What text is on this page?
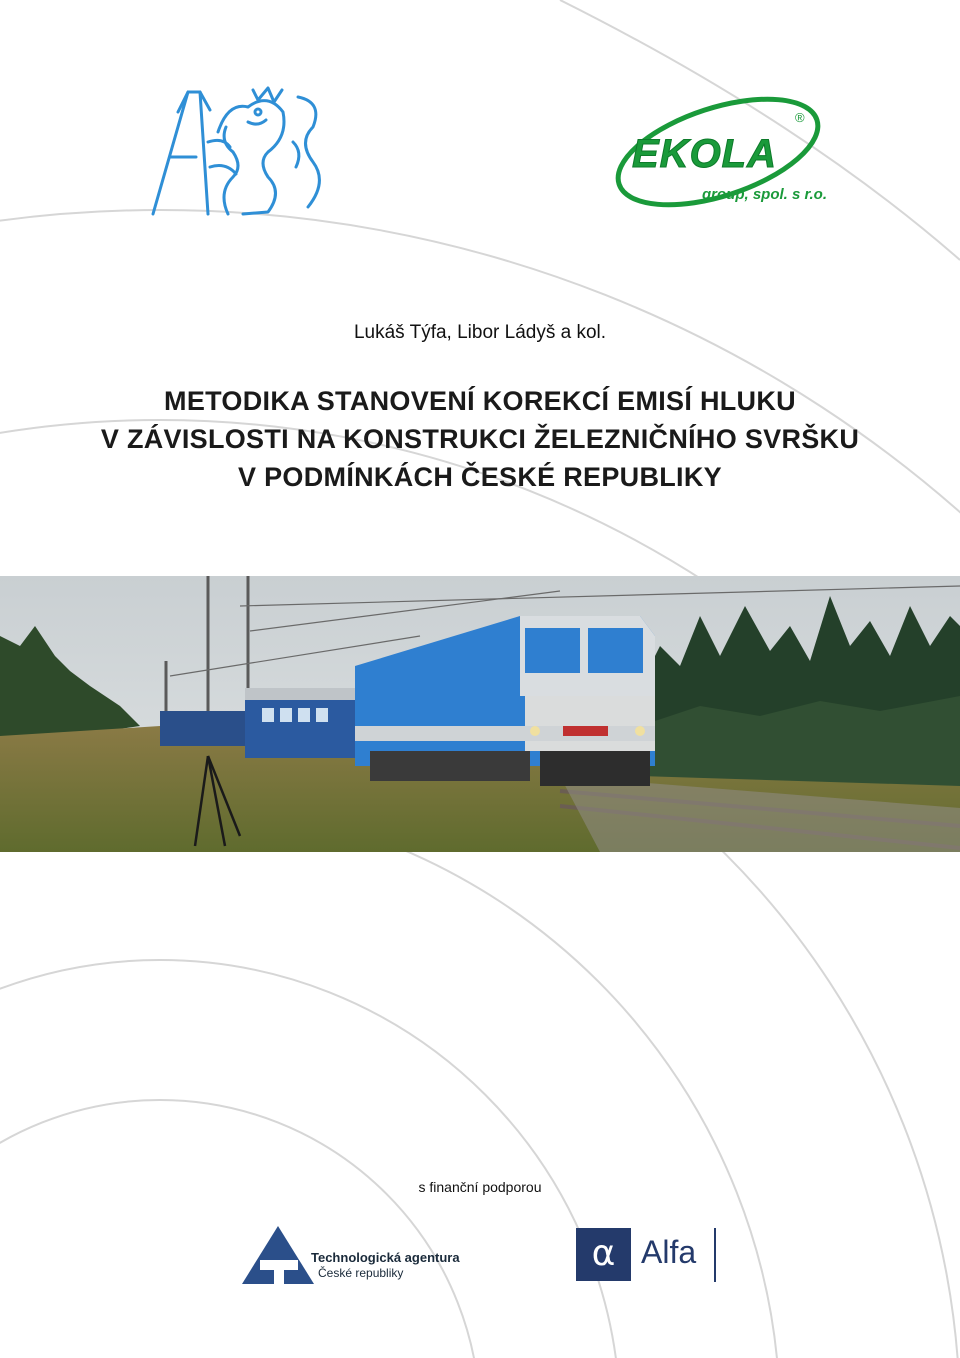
EKOLA
group, spol. s r.o.
®
Lukáš Týfa, Libor Ládyš a kol.
METODIKA STANOVENÍ KOREKCÍ EMISÍ HLUKU
V ZÁVISLOSTI NA KONSTRUKCI ŽELEZNIČNÍHO SVRŠKU
V PODMÍNKÁCH ČESKÉ REPUBLIKY
s finanční podporou
Technologická agentura
České republiky	α Alfa
